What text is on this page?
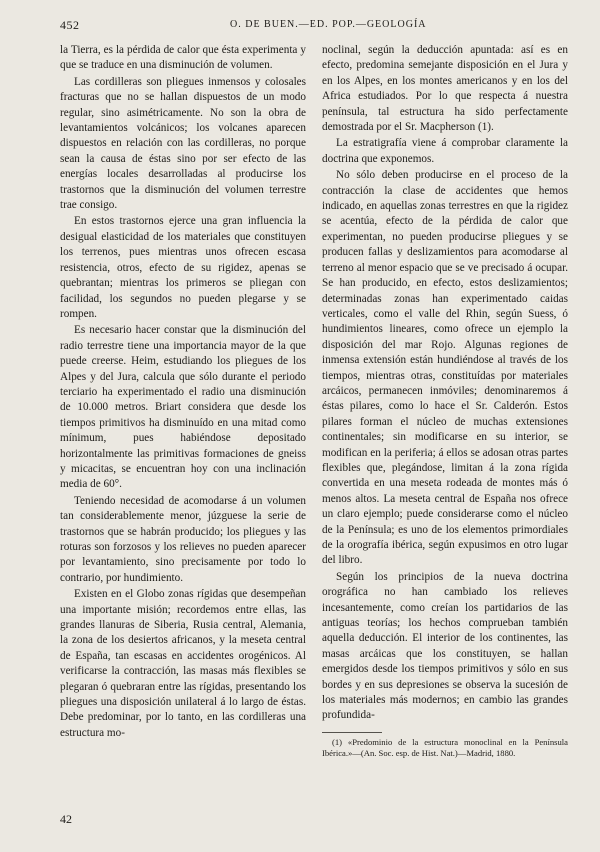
452	O. DE BUEN.—ED. POP.—GEOLOGÍA

la Tierra, es la pérdida de calor que ésta experimenta y que se traduce en una disminución de volumen.

Las cordilleras son pliegues inmensos y colosales fracturas que no se hallan dispuestos de un modo regular, sino asimétricamente. No son la obra de levantamientos volcánicos; los volcanes aparecen dispuestos en relación con las cordilleras, no porque sean la causa de éstas sino por ser efecto de las energías locales desarrolladas al producirse los trastornos que la disminución del volumen terrestre trae consigo.

En estos trastornos ejerce una gran influencia la desigual elasticidad de los materiales que constituyen los terrenos, pues mientras unos ofrecen escasa resistencia, otros, efecto de su rigidez, apenas se quebrantan; mientras los primeros se pliegan con facilidad, los segundos no pueden plegarse y se rompen.

Es necesario hacer constar que la disminución del radio terrestre tiene una importancia mayor de la que puede creerse. Heim, estudiando los pliegues de los Alpes y del Jura, calcula que sólo durante el periodo terciario ha experimentado el radio una disminución de 10.000 metros. Briart considera que desde los tiempos primitivos ha disminuído en una mitad como mínimum, pues habiéndose depositado horizontalmente las primitivas formaciones de gneiss y micacitas, se encuentran hoy con una inclinación media de 60°.

Teniendo necesidad de acomodarse á un volumen tan considerablemente menor, júzguese la serie de trastornos que se habrán producido; los pliegues y las roturas son forzosos y los relieves no pueden aparecer por levantamiento, sino precisamente por todo lo contrario, por hundimiento.

Existen en el Globo zonas rígidas que desempeñan una importante misión; recordemos entre ellas, las grandes llanuras de Siberia, Rusia central, Alemania, la zona de los desiertos africanos, y la meseta central de España, tan escasas en accidentes orogénicos. Al verificarse la contracción, las masas más flexibles se plegaran ó quebraran entre las rígidas, presentando los pliegues una disposición unilateral á lo largo de éstas. Debe predominar, por lo tanto, en las cordilleras una estructura mo-

noclinal, según la deducción apuntada: así es en efecto, predomina semejante disposición en el Jura y en los Alpes, en los montes americanos y en los del Africa estudiados. Por lo que respecta á nuestra península, tal estructura ha sido perfectamente demostrada por el Sr. Macpherson (1).

La estratigrafía viene á comprobar claramente la doctrina que exponemos.

No sólo deben producirse en el proceso de la contracción la clase de accidentes que hemos indicado, en aquellas zonas terrestres en que la rigidez se acentúa, efecto de la pérdida de calor que experimentan, no pueden producirse pliegues y se producen fallas y deslizamientos para acomodarse al terreno al menor espacio que se ve precisado á ocupar. Se han producido, en efecto, estos deslizamientos; determinadas zonas han experimentado caidas verticales, como el valle del Rhin, según Suess, ó hundimientos lineares, como ofrece un ejemplo la disposición del mar Rojo. Algunas regiones de inmensa extensión están hundiéndose al través de los tiempos, mientras otras, constituídas por materiales arcáicos, permanecen inmóviles; denominaremos á éstas pilares, como lo hace el Sr. Calderón. Estos pilares forman el núcleo de muchas extensiones continentales; sin modificarse en su interior, se modifican en la periferia; á ellos se adosan otras partes flexibles que, plegándose, limitan á la zona rígida convertida en una meseta rodeada de montes más ó menos altos. La meseta central de España nos ofrece un claro ejemplo; puede considerarse como el núcleo de la Península; es uno de los elementos primordiales de la orografía ibérica, según expusimos en otro lugar del libro.

Según los principios de la nueva doctrina orográfica no han cambiado los relieves incesantemente, como creían los partidarios de las antiguas teorías; los hechos comprueban también aquella deducción. El interior de los continentes, las masas arcáicas que los constituyen, se hallan emergidos desde los tiempos primitivos y sólo en sus bordes y en sus depresiones se observa la sucesión de los materiales más modernos; en cambio las grandes profundida-

(1) «Predominio de la estructura monoclinal en la Península Ibérica.»—(An. Soc. esp. de Hist. Nat.)—Madrid, 1880.
42
